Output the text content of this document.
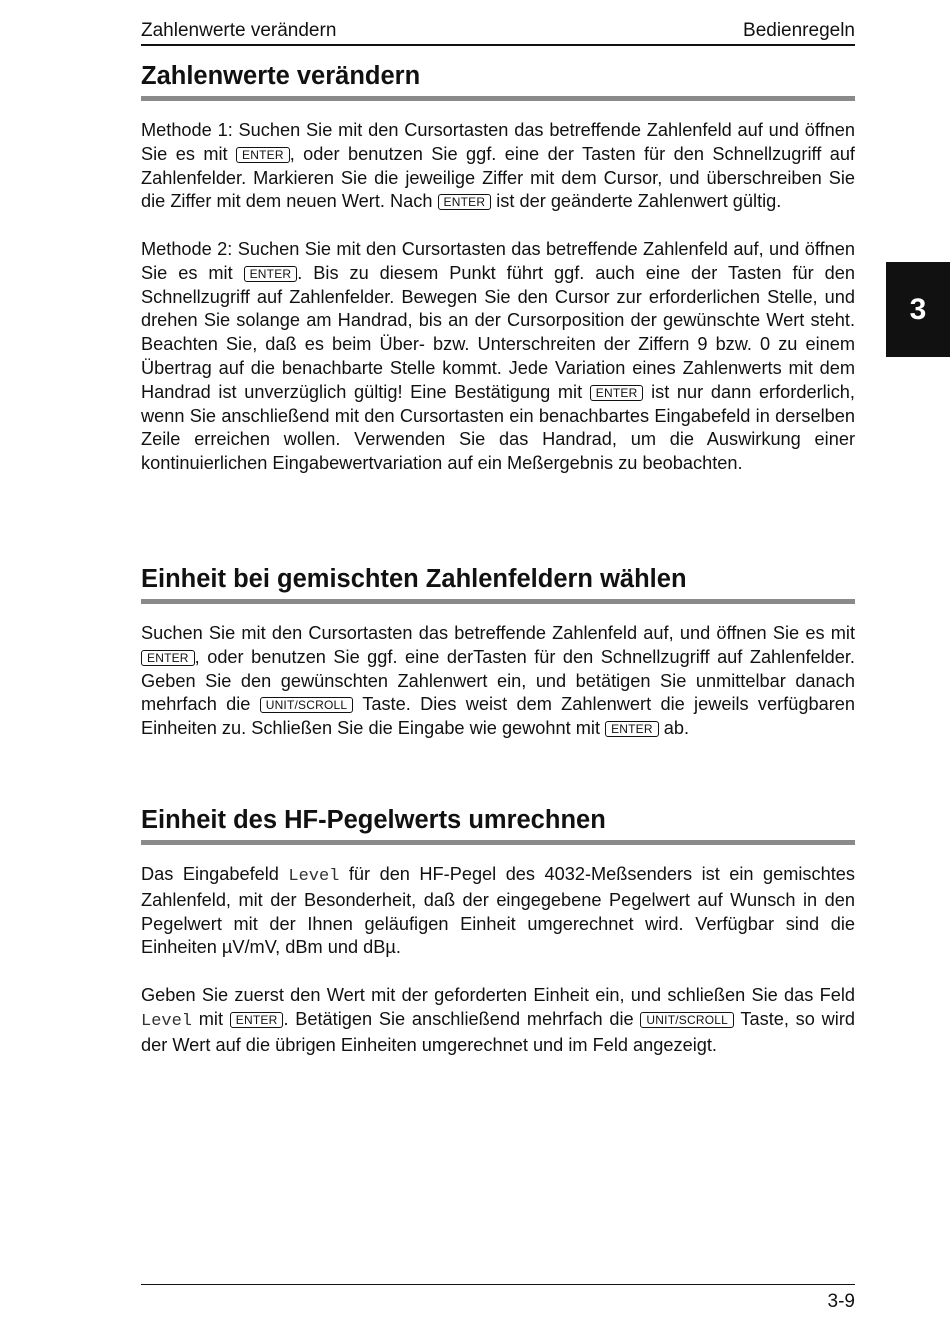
Zahlenwerte verändern	Bedienregeln
3
Zahlenwerte verändern

Methode 1: Suchen Sie mit den Cursortasten das betreffende Zahlenfeld auf und öffnen Sie es mit ENTER , oder benutzen Sie ggf. eine der Tasten für den Schnellzugriff auf Zahlenfelder. Markieren Sie die jeweilige Ziffer mit dem Cursor, und überschreiben Sie die Ziffer mit dem neuen Wert. Nach ENTER ist der geänderte Zahlenwert gültig.

Methode 2: Suchen Sie mit den Cursortasten das betreffende Zahlenfeld auf, und öffnen Sie es mit ENTER . Bis zu diesem Punkt führt ggf. auch eine der Tasten für den Schnellzugriff auf Zahlenfelder. Bewegen Sie den Cursor zur erforderlichen Stelle, und drehen Sie solange am Handrad, bis an der Cursorposition der gewünschte Wert steht. Beachten Sie, daß es beim Über- bzw. Unterschreiten der Ziffern 9 bzw. 0 zu einem Übertrag auf die benachbarte Stelle kommt. Jede Variation eines Zahlenwerts mit dem Handrad ist unverzüglich gültig! Eine Bestätigung mit ENTER ist nur dann erforderlich, wenn Sie anschließend mit den Cursortasten ein benachbartes Eingabefeld in derselben Zeile erreichen wollen. Verwenden Sie das Handrad, um die Auswirkung einer kontinuierlichen Eingabewertvariation auf ein Meßergebnis zu beobachten.

Einheit bei gemischten Zahlenfeldern wählen

Suchen Sie mit den Cursortasten das betreffende Zahlenfeld auf, und öffnen Sie es mit ENTER , oder benutzen Sie ggf. eine derTasten für den Schnellzugriff auf Zahlenfelder. Geben Sie den gewünschten Zahlenwert ein, und betätigen Sie unmittelbar danach mehrfach die UNIT/SCROLL Taste. Dies weist dem Zahlenwert die jeweils verfügbaren Einheiten zu. Schließen Sie die Eingabe wie gewohnt mit ENTER ab.

Einheit des HF-Pegelwerts umrechnen

Das Eingabefeld Level für den HF-Pegel des 4032-Meßsenders ist ein gemischtes Zahlenfeld, mit der Besonderheit, daß der eingegebene Pegelwert auf Wunsch in den Pegelwert mit der Ihnen geläufigen Einheit umgerechnet wird. Verfügbar sind die Einheiten µV/mV, dBm und dBµ.

Geben Sie zuerst den Wert mit der geforderten Einheit ein, und schließen Sie das Feld Level mit ENTER . Betätigen Sie anschließend mehrfach die UNIT/SCROLL Taste, so wird der Wert auf die übrigen Einheiten umgerechnet und im Feld angezeigt.

3-9
